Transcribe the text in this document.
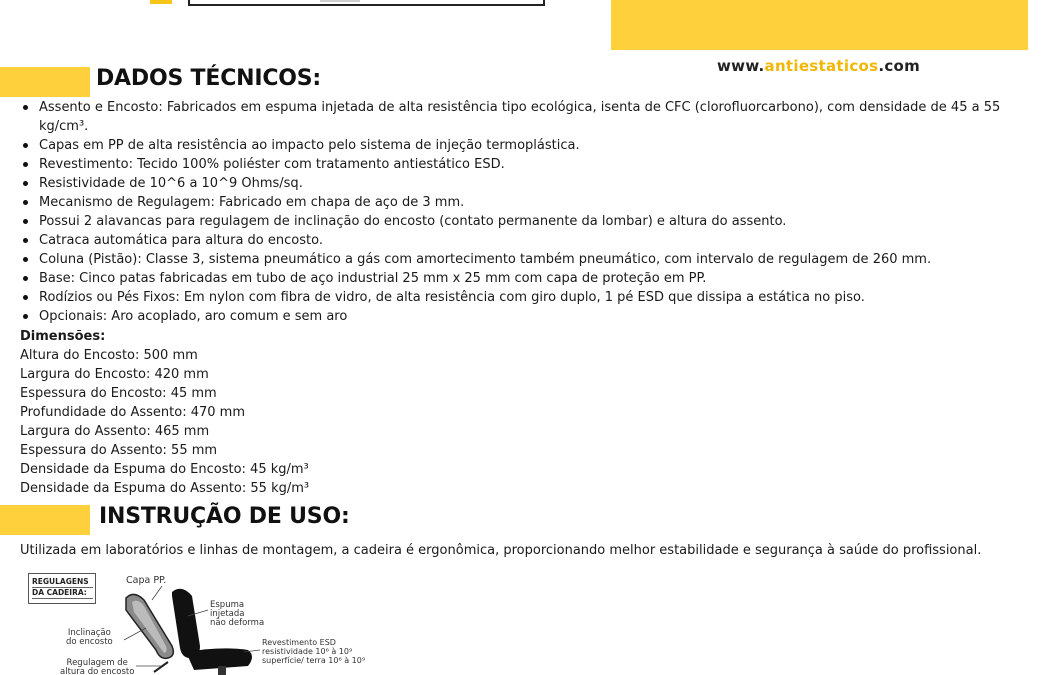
www.antiestaticos.com
DADOS TÉCNICOS:
Assento e Encosto: Fabricados em espuma injetada de alta resistência tipo ecológica, isenta de CFC (clorofluorcarbono), com densidade de 45 a 55 kg/cm³.
Capas em PP de alta resistência ao impacto pelo sistema de injeção termoplástica.
Revestimento: Tecido 100% poliéster com tratamento antiestático ESD.
Resistividade de 10^6 a 10^9 Ohms/sq.
Mecanismo de Regulagem: Fabricado em chapa de aço de 3 mm.
Possui 2 alavancas para regulagem de inclinação do encosto (contato permanente da lombar) e altura do assento.
Catraca automática para altura do encosto.
Coluna (Pistão): Classe 3, sistema pneumático a gás com amortecimento também pneumático, com intervalo de regulagem de 260 mm.
Base: Cinco patas fabricadas em tubo de aço industrial 25 mm x 25 mm com capa de proteção em PP.
Rodízios ou Pés Fixos: Em nylon com fibra de vidro, de alta resistência com giro duplo, 1 pé ESD que dissipa a estática no piso.
Opcionais: Aro acoplado, aro comum e sem aro
Dimensões:
Altura do Encosto: 500 mm
Largura do Encosto: 420 mm
Espessura do Encosto: 45 mm
Profundidade do Assento: 470 mm
Largura do Assento: 465 mm
Espessura do Assento: 55 mm
Densidade da Espuma do Encosto: 45 kg/m³
Densidade da Espuma do Assento: 55 kg/m³
INSTRUÇÃO DE USO:
Utilizada em laboratórios e linhas de montagem, a cadeira é ergonômica, proporcionando melhor estabilidade e segurança à saúde do profissional.
REGULAGENS
DA CADEIRA:
Capa PP.
Espuma
injetada
não deforma
Inclinação
do encosto	Revestimento ESD
resistividade 10⁶ à 10⁹
superfície/ terra 10⁶ à 10⁹
Regulagem de
altura do encosto
